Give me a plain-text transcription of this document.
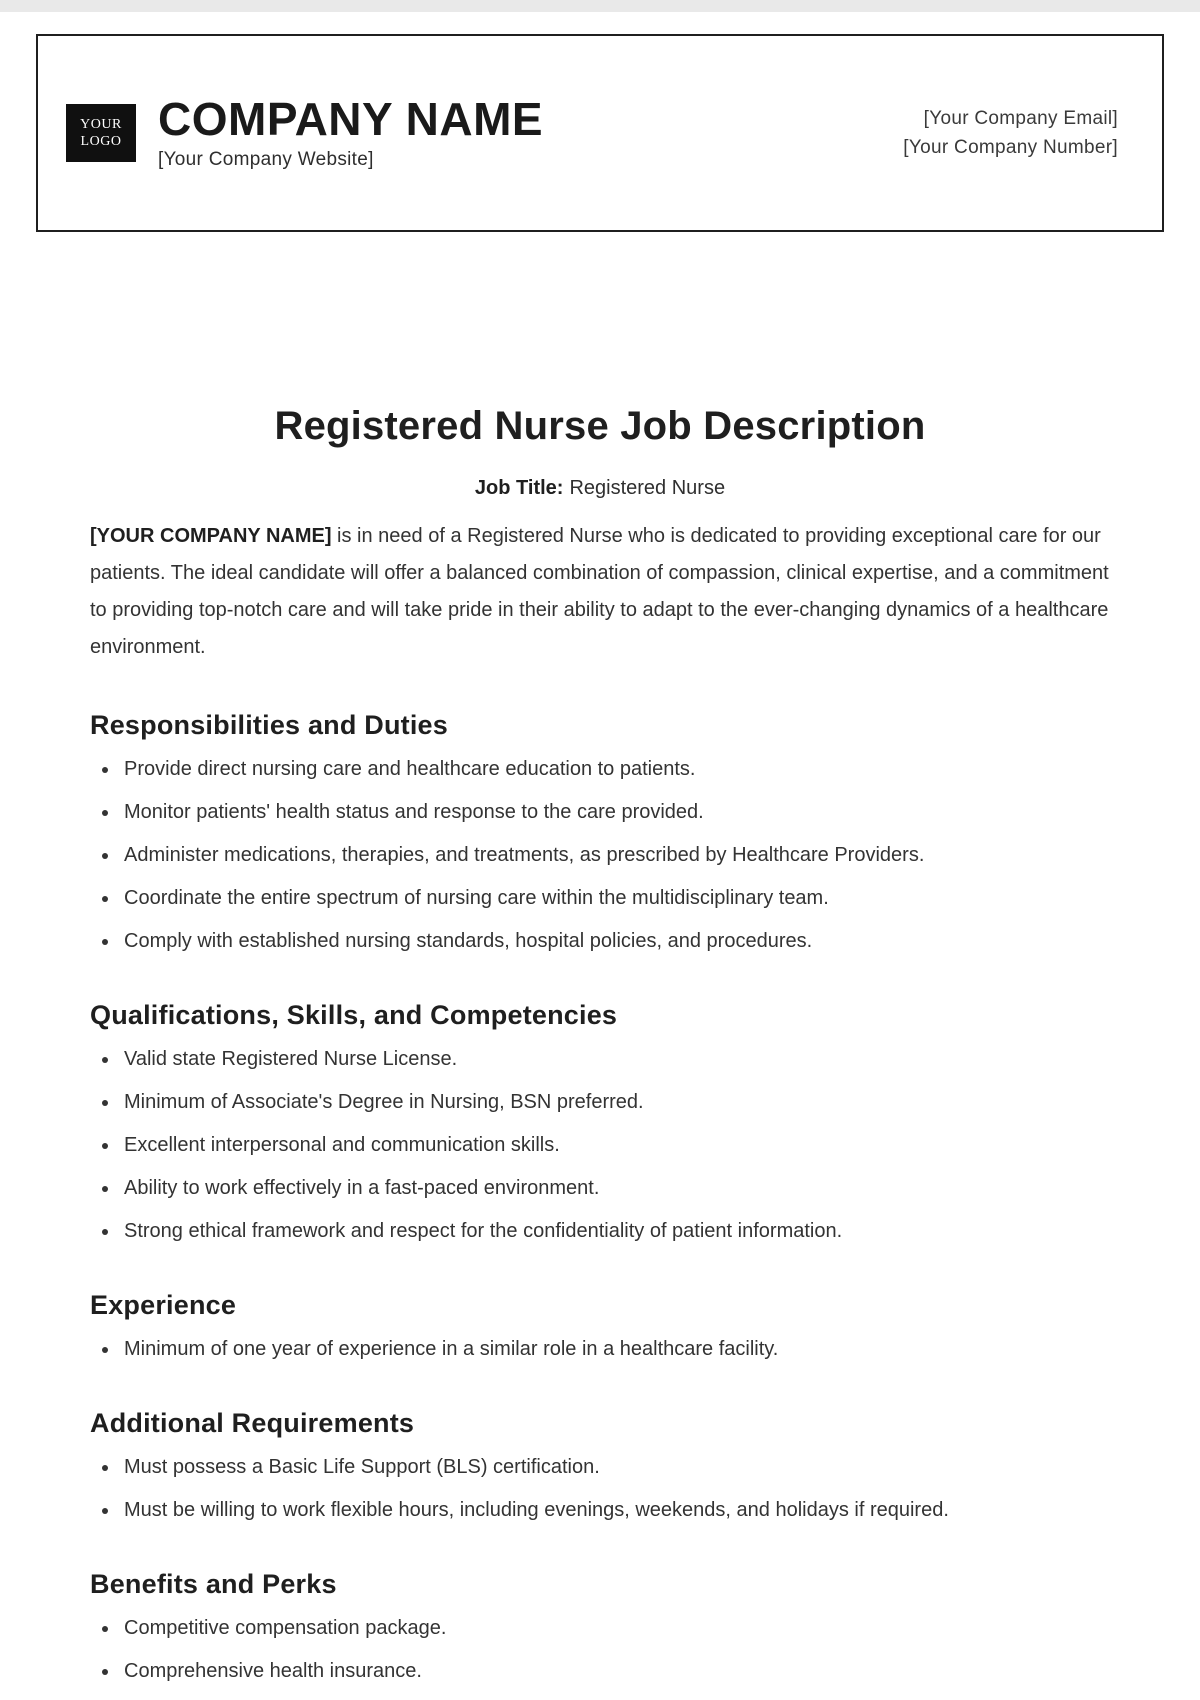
YOUR
LOGO COMPANY NAME
[Your Company Website]
[Your Company Email]
[Your Company Number]
Registered Nurse Job Description
Job Title: Registered Nurse

[YOUR COMPANY NAME] is in need of a Registered Nurse who is dedicated to providing exceptional care for our patients. The ideal candidate will offer a balanced combination of compassion, clinical expertise, and a commitment to providing top-notch care and will take pride in their ability to adapt to the ever-changing dynamics of a healthcare environment.

Responsibilities and Duties
• Provide direct nursing care and healthcare education to patients.
• Monitor patients' health status and response to the care provided.
• Administer medications, therapies, and treatments, as prescribed by Healthcare Providers.
• Coordinate the entire spectrum of nursing care within the multidisciplinary team.
• Comply with established nursing standards, hospital policies, and procedures.
Qualifications, Skills, and Competencies
• Valid state Registered Nurse License.
• Minimum of Associate's Degree in Nursing, BSN preferred.
• Excellent interpersonal and communication skills.
• Ability to work effectively in a fast-paced environment.
• Strong ethical framework and respect for the confidentiality of patient information.
Experience
• Minimum of one year of experience in a similar role in a healthcare facility.
Additional Requirements
• Must possess a Basic Life Support (BLS) certification.
• Must be willing to work flexible hours, including evenings, weekends, and holidays if required.
Benefits and Perks
• Competitive compensation package.
• Comprehensive health insurance.
